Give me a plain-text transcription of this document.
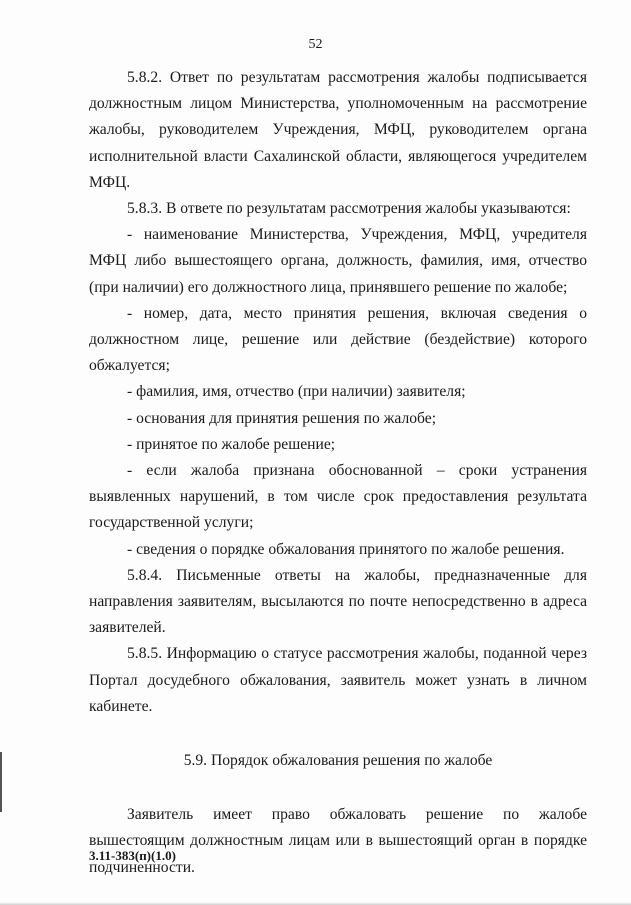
52

5.8.2. Ответ по результатам рассмотрения жалобы подписывается должностным лицом Министерства, уполномоченным на рассмотрение жалобы, руководителем Учреждения, МФЦ, руководителем органа исполнительной власти Сахалинской области, являющегося учредителем МФЦ.

5.8.3. В ответе по результатам рассмотрения жалобы указываются:

- наименование Министерства, Учреждения, МФЦ, учредителя МФЦ либо вышестоящего органа, должность, фамилия, имя, отчество (при наличии) его должностного лица, принявшего решение по жалобе;

- номер, дата, место принятия решения, включая сведения о должностном лице, решение или действие (бездействие) которого обжалуется;

- фамилия, имя, отчество (при наличии) заявителя;

- основания для принятия решения по жалобе;

- принятое по жалобе решение;

- если жалоба признана обоснованной – сроки устранения выявленных нарушений, в том числе срок предоставления результата государственной услуги;

- сведения о порядке обжалования принятого по жалобе решения.

5.8.4. Письменные ответы на жалобы, предназначенные для направления заявителям, высылаются по почте непосредственно в адреса заявителей.

5.8.5. Информацию о статусе рассмотрения жалобы, поданной через Портал досудебного обжалования, заявитель может узнать в личном кабинете.

5.9. Порядок обжалования решения по жалобе

Заявитель имеет право обжаловать решение по жалобе вышестоящим должностным лицам или в вышестоящий орган в порядке подчиненности.

3.11-383(п)(1.0)
